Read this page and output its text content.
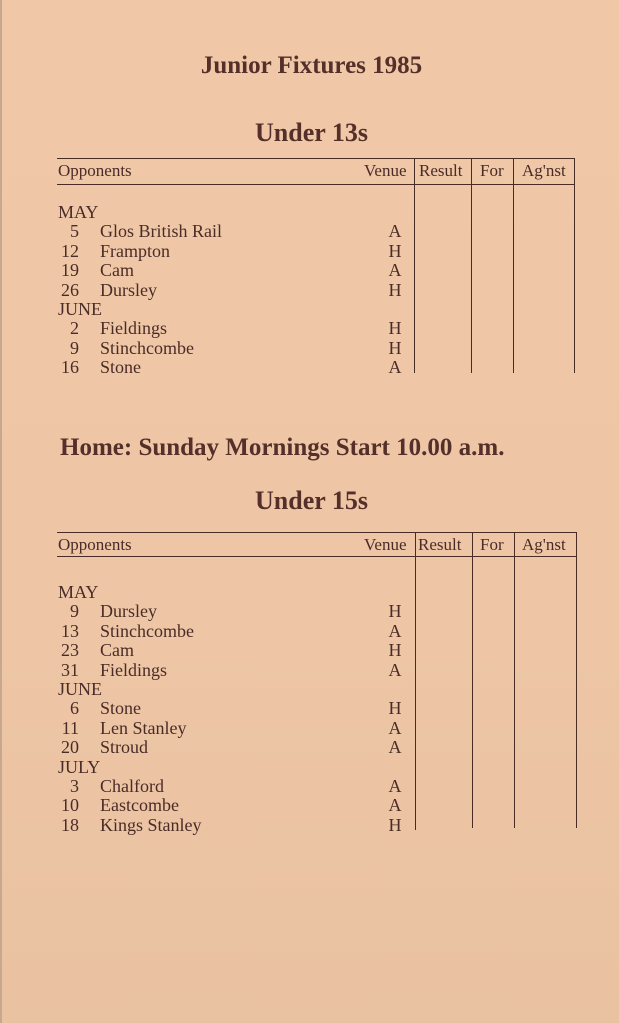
Junior Fixtures 1985
Under 13s
Opponents	Venue Result For Ag'nst
MAY
5 Glos British Rail	A
12 Frampton	H
19 Cam	A
26 Dursley	H
JUNE
2 Fieldings	H
9 Stinchcombe	H
16 Stone	A
Home: Sunday Mornings Start 10.00 a.m.
Under 15s
Opponents	Venue Result For Ag'nst
MAY
9 Dursley	H
13 Stinchcombe	A
23 Cam	H
31 Fieldings	A
JUNE
6 Stone	H
11 Len Stanley	A
20 Stroud	A
JULY
3 Chalford	A
10 Eastcombe	A
18 Kings Stanley	H
